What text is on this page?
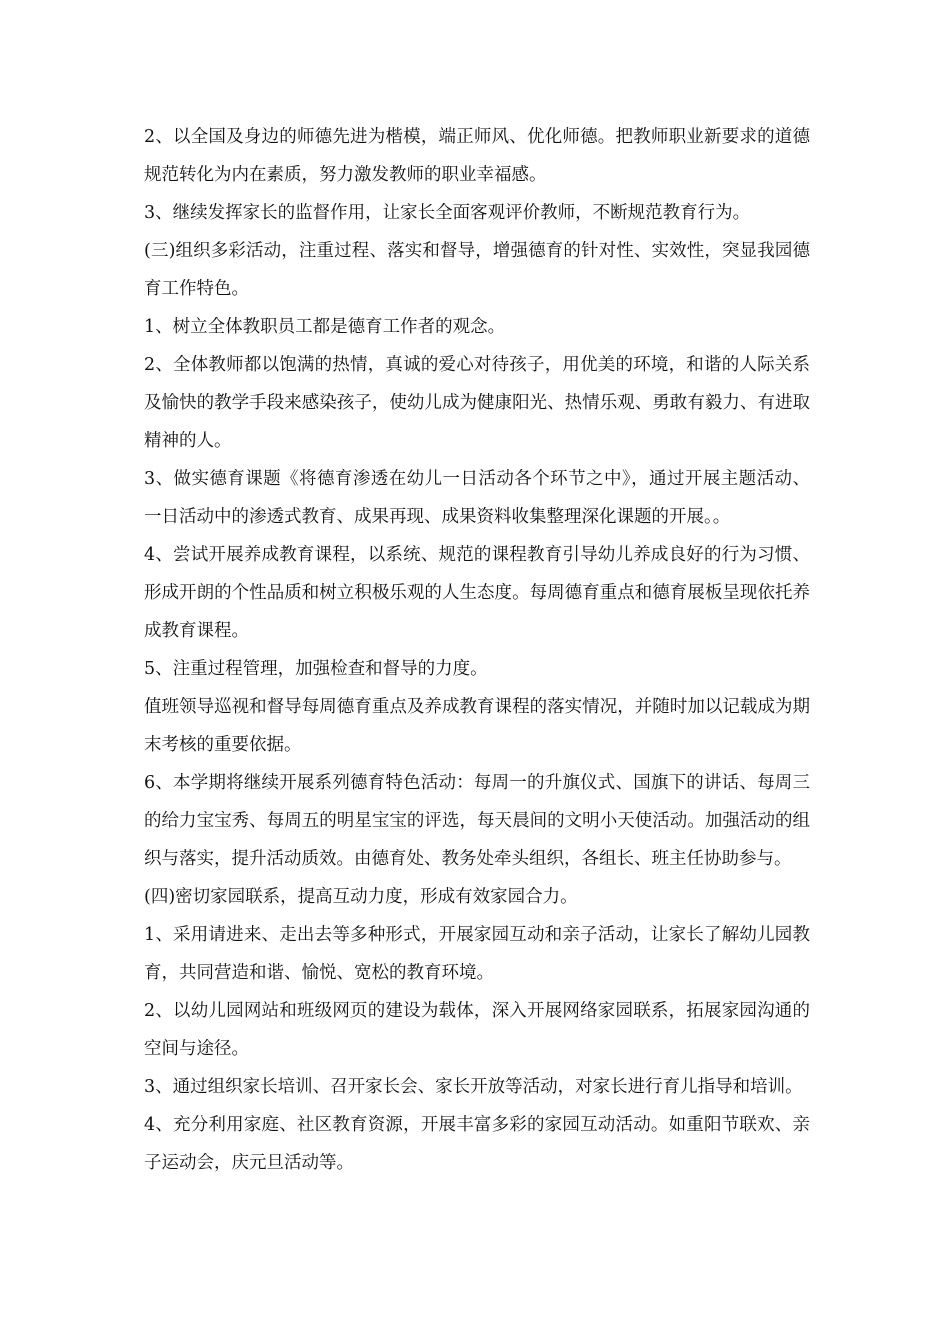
2、以全国及身边的师德先进为楷模，端正师风、优化师德。把教师职业新要求的道德规范转化为内在素质，努力激发教师的职业幸福感。

3、继续发挥家长的监督作用，让家长全面客观评价教师，不断规范教育行为。

(三)组织多彩活动，注重过程、落实和督导，增强德育的针对性、实效性，突显我园德育工作特色。

1、树立全体教职员工都是德育工作者的观念。

2、全体教师都以饱满的热情，真诚的爱心对待孩子，用优美的环境，和谐的人际关系及愉快的教学手段来感染孩子，使幼儿成为健康阳光、热情乐观、勇敢有毅力、有进取精神的人。

3、做实德育课题《将德育渗透在幼儿一日活动各个环节之中》，通过开展主题活动、一日活动中的渗透式教育、成果再现、成果资料收集整理深化课题的开展。。

4、尝试开展养成教育课程，以系统、规范的课程教育引导幼儿养成良好的行为习惯、形成开朗的个性品质和树立积极乐观的人生态度。每周德育重点和德育展板呈现依托养成教育课程。

5、注重过程管理，加强检查和督导的力度。

值班领导巡视和督导每周德育重点及养成教育课程的落实情况，并随时加以记载成为期末考核的重要依据。

6、本学期将继续开展系列德育特色活动：每周一的升旗仪式、国旗下的讲话、每周三的给力宝宝秀、每周五的明星宝宝的评选，每天晨间的文明小天使活动。加强活动的组织与落实，提升活动质效。由德育处、教务处牵头组织，各组长、班主任协助参与。

(四)密切家园联系，提高互动力度，形成有效家园合力。

1、采用请进来、走出去等多种形式，开展家园互动和亲子活动，让家长了解幼儿园教育，共同营造和谐、愉悦、宽松的教育环境。

2、以幼儿园网站和班级网页的建设为载体，深入开展网络家园联系，拓展家园沟通的空间与途径。

3、通过组织家长培训、召开家长会、家长开放等活动，对家长进行育儿指导和培训。

4、充分利用家庭、社区教育资源，开展丰富多彩的家园互动活动。如重阳节联欢、亲子运动会，庆元旦活动等。
